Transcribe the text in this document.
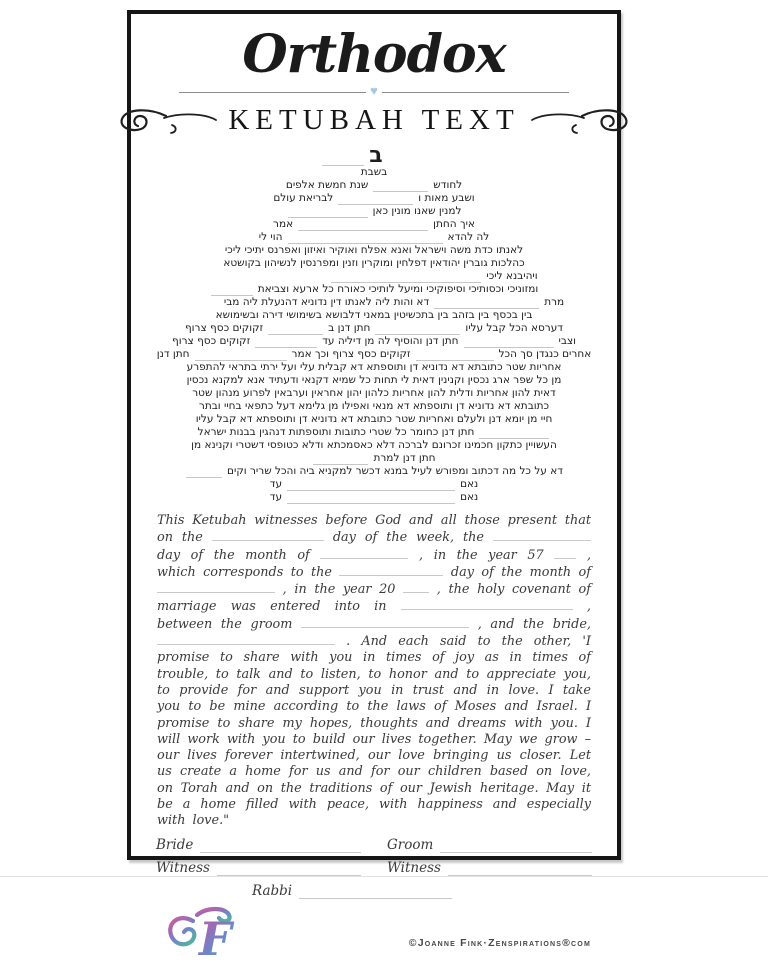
Orthodox
♥
KETUBAH TEXT
ב
בשבת
לחודש
שנת חמשת אלפים
ושבע מאות ו
לבריאת עולם
למנין שאנו מונין כאן
איך החתן
אמר
לה להדא
הוי לי
לאנתו כדת משה וישראל ואנא אפלח ואוקיר ואיזון ואפרנס יתיכי ליכי
כהלכות גוברין יהודאין דפלחין ומוקרין וזנין ומפרנסין לנשיהון בקושטא
ויהיבנא ליכי
ומזוניכי וכסותיכי וסיפוקיכי ומיעל לותיכי כאורח כל ארעא וצביאת
מרת
דא והות ליה לאנתו דין נדוניא דהנעלת ליה מבי
בין בכסף בין בזהב בין בתכשיטין במאני דלבושא בשימושי דירה ובשימושא
דערסא הכל קבל עליו
חתן דנן ב
זקוקים כסף צרוף
וצבי
חתן דנן והוסיף לה מן דיליה עד
זקוקים כסף צרוף
אחרים כנגדן סך הכל
זקוקים כסף צרוף וכך אמר
חתן דנן
אחריות שטר כתובתא דא נדוניא דן ותוספתא דא קבלית עלי ועל ירתי בתראי להתפרע
מן כל שפר ארג נכסין וקנינין דאית לי תחות כל שמיא דקנאי ודעתיד אנא למקנא נכסין
דאית להון אחריות ודלית להון אחריות כלהון יהון אחראין וערבאין לפרוע מנהון שטר
כתובתא דא נדוניא דן ותוספתא דא מנאי ואפילו מן גלימא דעל כתפאי בחיי ובתר
חיי מן יומא דנן ולעלם ואחריות שטר כתובתא דא נדוניא דן ותוספתא דא קבל עליו
חתן דנן כחומר כל שטרי כתובות ותוספתות דנהגין בבנות ישראל
העשויין כתקון חכמינו זכרונם לברכה דלא כאסמכתא ודלא כטופסי דשטרי וקנינא מן
חתן דנן למרת
דא על כל מה דכתוב ומפורש לעיל במנא דכשר למקניא ביה והכל שריר וקים
נאם
עד
נאם
עד

This Ketubah witnesses before God and all those present that on the	day of the week, the  day of the month of	, in the year 57	, which corresponds to the	day of the month of  , in the year 20	, the holy covenant of marriage was entered into in	, between the groom	, and the bride,  . And each said to the other, 'I promise to share with you in times of joy as in times of trouble, to talk and to listen, to honor and to appreciate you, to provide for and support you in trust and in love. I take you to be mine according to the laws of Moses and Israel. I promise to share my hopes, thoughts and dreams with you. I will work with you to build our lives together. May we grow – our lives forever intertwined, our love bringing us closer. Let us create a home for us and for our children based on love, on Torah and on the traditions of our Jewish heritage. May it be a home filled with peace, with happiness and especially with love."

Bride	Groom
Witness	Witness
Rabbi
F	©Joanne Fink·Zenspirations®com
